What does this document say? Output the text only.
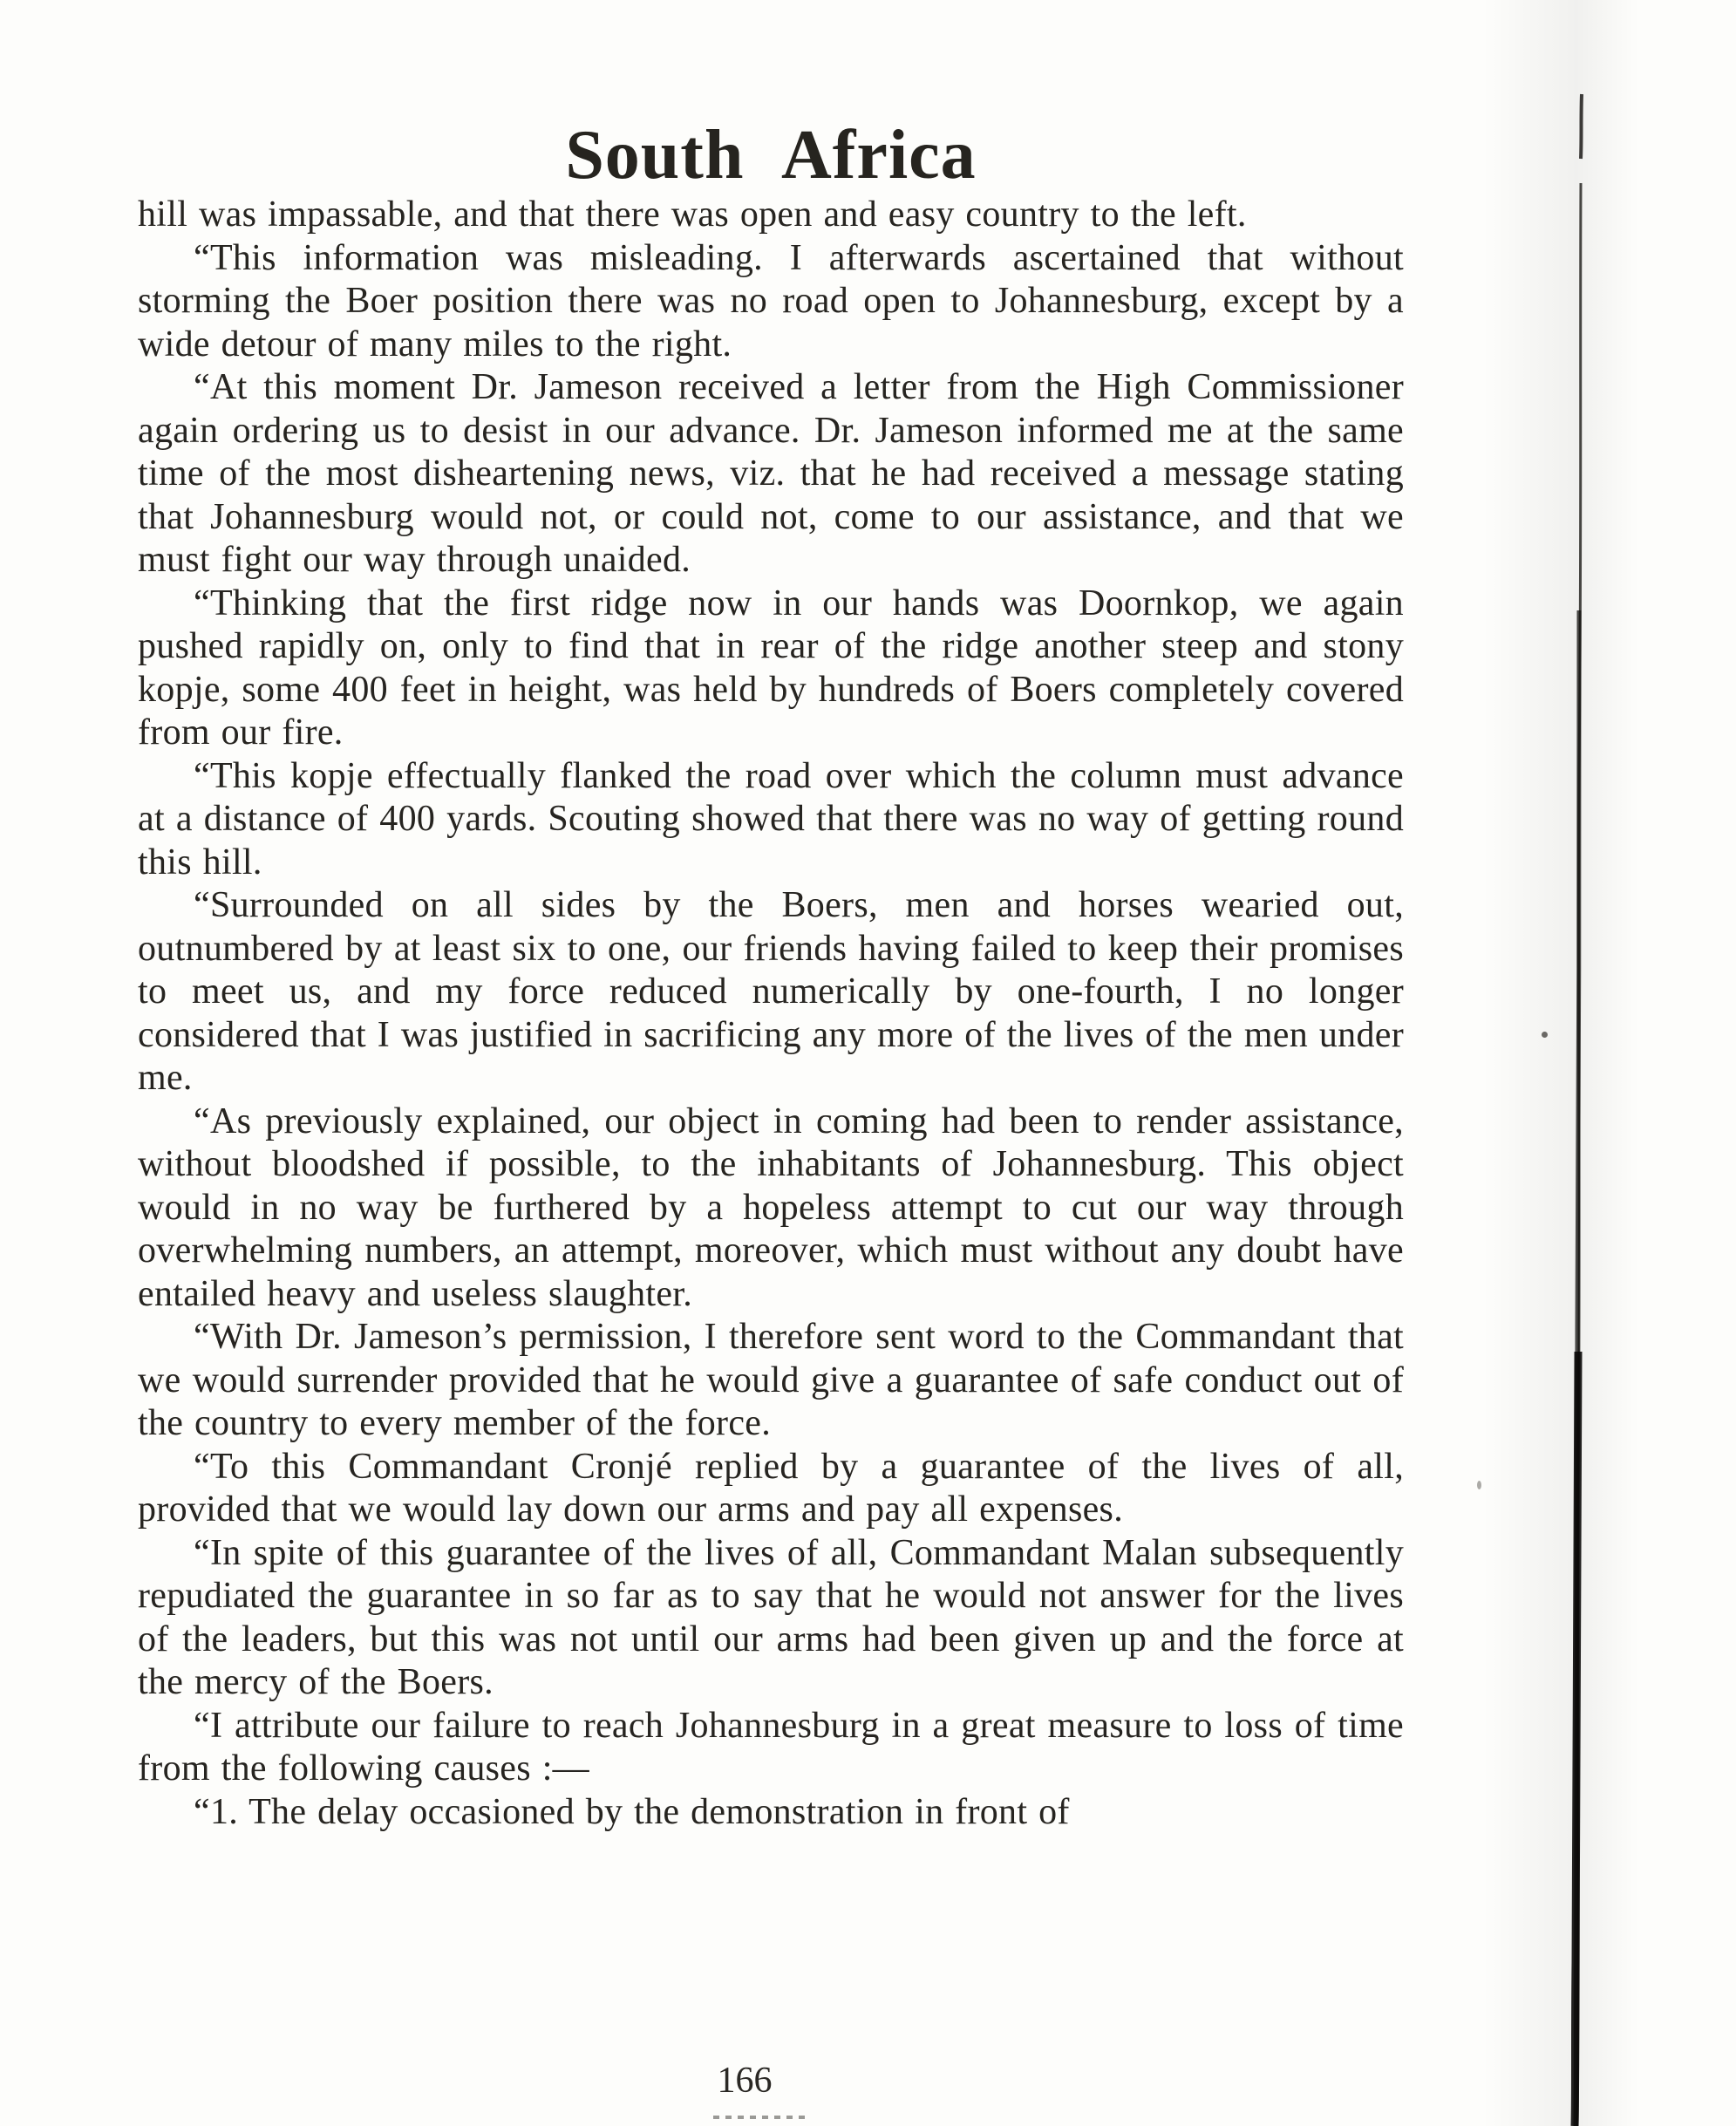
South Africa

hill was impassable, and that there was open and easy country to the left.

“This information was misleading. I afterwards ascertained that without storming the Boer position there was no road open to Johannesburg, except by a wide detour of many miles to the right.

“At this moment Dr. Jameson received a letter from the High Commissioner again ordering us to desist in our advance. Dr. Jameson informed me at the same time of the most disheartening news, viz. that he had received a message stating that Johannesburg would not, or could not, come to our assistance, and that we must fight our way through unaided.

“Thinking that the first ridge now in our hands was Doornkop, we again pushed rapidly on, only to find that in rear of the ridge another steep and stony kopje, some 400 feet in height, was held by hundreds of Boers completely covered from our fire.

“This kopje effectually flanked the road over which the column must advance at a distance of 400 yards. Scouting showed that there was no way of getting round this hill.

“Surrounded on all sides by the Boers, men and horses wearied out, outnumbered by at least six to one, our friends having failed to keep their promises to meet us, and my force reduced numerically by one-fourth, I no longer considered that I was justified in sacrificing any more of the lives of the men under me.

“As previously explained, our object in coming had been to render assistance, without bloodshed if possible, to the inhabitants of Johannesburg. This object would in no way be furthered by a hopeless attempt to cut our way through overwhelming numbers, an attempt, moreover, which must without any doubt have entailed heavy and useless slaughter.

“With Dr. Jameson’s permission, I therefore sent word to the Commandant that we would surrender provided that he would give a guarantee of safe conduct out of the country to every member of the force.

“To this Commandant Cronjé replied by a guarantee of the lives of all, provided that we would lay down our arms and pay all expenses.

“In spite of this guarantee of the lives of all, Commandant Malan subsequently repudiated the guarantee in so far as to say that he would not answer for the lives of the leaders, but this was not until our arms had been given up and the force at the mercy of the Boers.

“I attribute our failure to reach Johannesburg in a great measure to loss of time from the following causes :—

“1. The delay occasioned by the demonstration in front of

166
